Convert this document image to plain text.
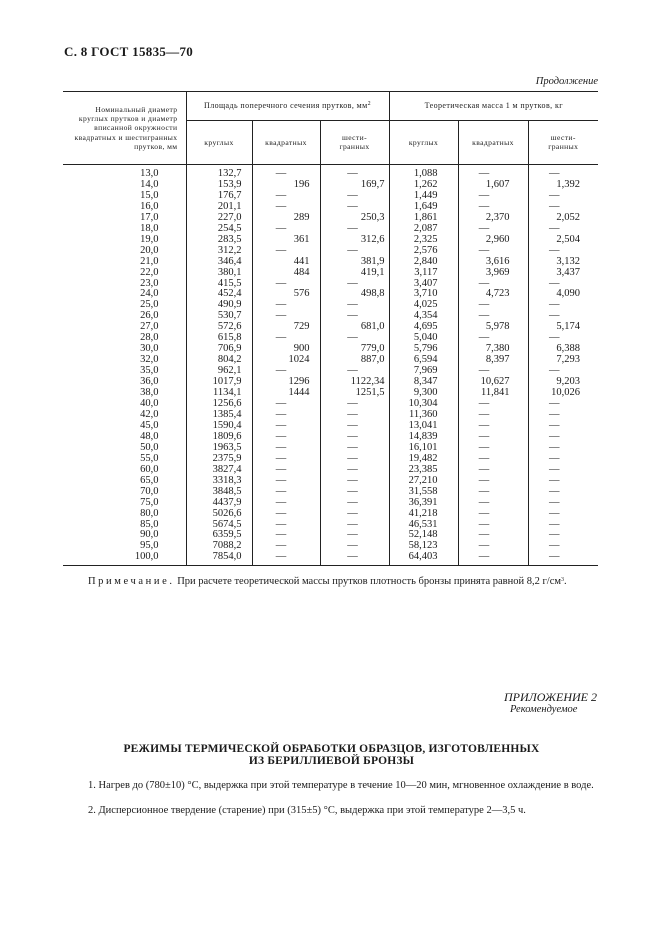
С. 8 ГОСТ 15835—70
Продолжение
Номинальный диаметр круглых прутков и диаметр вписанной окружности квадратных и шестигранных прутков, мм	Площадь поперечного сечения прутков, $мм^2$			Теоретическая масса 1 м прутков, кг		
	круглых	квадратных	шести-
гранных	круглых	квадратных	шести-
гранных
13,0	132,7	—	—	1,088	—	—
14,0	153,9	196	169,7	1,262	1,607	1,392
15,0	176,7	—	—	1,449	—	—
16,0	201,1	—	—	1,649	—	—
17,0	227,0	289	250,3	1,861	2,370	2,052
18,0	254,5	—	—	2,087	—	—
19,0	283,5	361	312,6	2,325	2,960	2,504
20,0	312,2	—	—	2,576	—	—
21,0	346,4	441	381,9	2,840	3,616	3,132
22,0	380,1	484	419,1	3,117	3,969	3,437
23,0	415,5	—	—	3,407	—	—
24,0	452,4	576	498,8	3,710	4,723	4,090
25,0	490,9	—	—	4,025	—	—
26,0	530,7	—	—	4,354	—	—
27,0	572,6	729	681,0	4,695	5,978	5,174
28,0	615,8	—	—	5,040	—	—
30,0	706,9	900	779,0	5,796	7,380	6,388
32,0	804,2	1024	887,0	6,594	8,397	7,293
35,0	962,1	—	—	7,969	—	—
36,0	1017,9	1296	1122,34	8,347	10,627	9,203
38,0	1134,1	1444	1251,5	9,300	11,841	10,026
40,0	1256,6	—	—	10,304	—	—
42,0	1385,4	—	—	11,360	—	—
45,0	1590,4	—	—	13,041	—	—
48,0	1809,6	—	—	14,839	—	—
50,0	1963,5	—	—	16,101	—	—
55,0	2375,9	—	—	19,482	—	—
60,0	3827,4	—	—	23,385	—	—
65,0	3318,3	—	—	27,210	—	—
70,0	3848,5	—	—	31,558	—	—
75,0	4437,9	—	—	36,391	—	—
80,0	5026,6	—	—	41,218	—	—
85,0	5674,5	—	—	46,531	—	—
90,0	6359,5	—	—	52,148	—	—
95,0	7088,2	—	—	58,123	—	—
100,0	7854,0	—	—	64,403	—	—
Примечание. При расчете теоретической массы прутков плотность бронзы принята равной 8,2 $г/см^3$.
ПРИЛОЖЕНИЕ 2
Рекомендуемое
РЕЖИМЫ ТЕРМИЧЕСКОЙ ОБРАБОТКИ ОБРАЗЦОВ, ИЗГОТОВЛЕННЫХ
ИЗ БЕРИЛЛИЕВОЙ БРОНЗЫ
1. Нагрев до (780±10) °С, выдержка при этой температуре в течение 10—20 мин, мгновенное охлаждение в воде.
2. Дисперсионное твердение (старение) при (315±5) °С, выдержка при этой температуре 2—3,5 ч.
